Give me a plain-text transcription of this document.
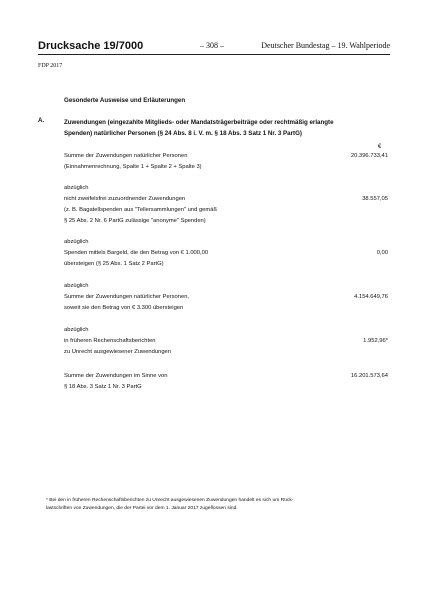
Drucksache 19/7000	– 308 –	Deutscher Bundestag – 19. Wahlperiode
FDP 2017
Gesonderte Ausweise und Erläuterungen
A.	Zuwendungen (eingezahlte Mitglieds- oder Mandatsträgerbeiträge oder rechtmäßig erlangte
Spenden) natürlicher Personen (§ 24 Abs. 8 i. V. m. § 18 Abs. 3 Satz 1 Nr. 3 PartG)
€
Summe der Zuwendungen natürlicher Personen	20.396.733,41
(Einnahmenrechnung, Spalte 1 + Spalte 2 + Spalte 3)
abzüglich
nicht zweifelsfrei zuzuordnender Zuwendungen	38.557,05
(z. B. Bagatellspenden aus "Tellersammlungen" und gemäß
§ 25 Abs. 2 Nr. 6 PartG zulässige "anonyme" Spenden)
abzüglich
Spenden mittels Bargeld, die den Betrag von € 1.000,00	0,00
übersteigen (§ 25 Abs. 1 Satz 2 PartG)
abzüglich
Summe der Zuwendungen natürlicher Personen,	4.154.649,76
soweit sie den Betrag von € 3.300 übersteigen
abzüglich
in früheren Rechenschaftsberichten	1.952,96*
zu Unrecht ausgewiesener Zuwendungen
Summe der Zuwendungen im Sinne von	16.201.573,64
§ 18 Abs. 3 Satz 1 Nr. 3 PartG
* Bei den in früheren Rechenschaftsberichten zu Unrecht ausgewiesenen Zuwendungen handelt es sich um Rück-
lastschriften von Zuwendungen, die der Partei vor dem 1. Januar 2017 zugeflossen sind.
